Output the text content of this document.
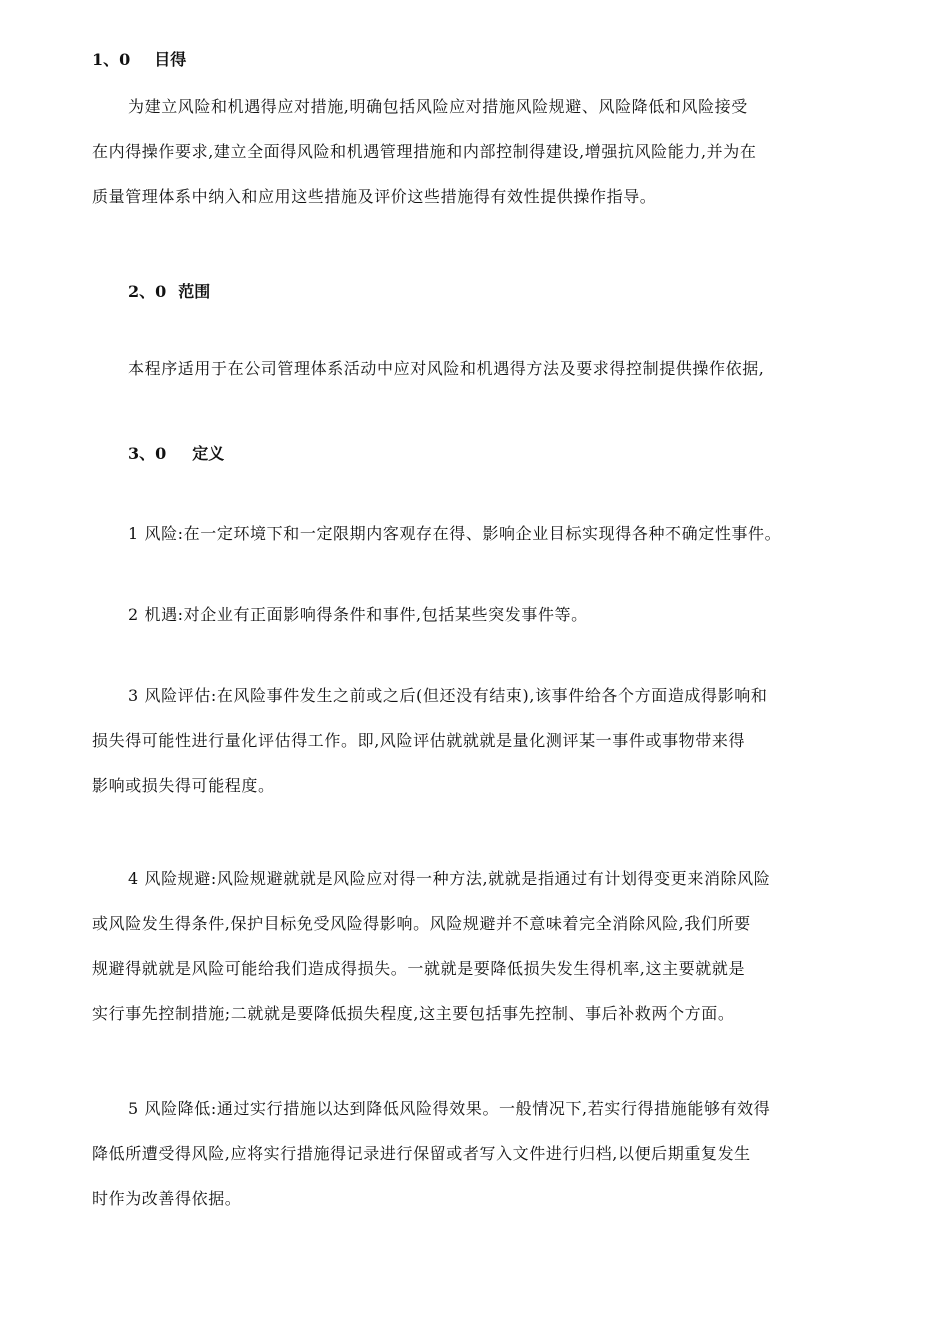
1、0 目得
为建立风险和机遇得应对措施,明确包括风险应对措施风险规避、风险降低和风险接受
在内得操作要求,建立全面得风险和机遇管理措施和内部控制得建设,增强抗风险能力,并为在
质量管理体系中纳入和应用这些措施及评价这些措施得有效性提供操作指导。
2、0 范围
本程序适用于在公司管理体系活动中应对风险和机遇得方法及要求得控制提供操作依据,
3、0 定义
1 风险:在一定环境下和一定限期内客观存在得、影响企业目标实现得各种不确定性事件。
2 机遇:对企业有正面影响得条件和事件,包括某些突发事件等。
3 风险评估:在风险事件发生之前或之后(但还没有结束),该事件给各个方面造成得影响和
损失得可能性进行量化评估得工作。即,风险评估就就就是量化测评某一事件或事物带来得
影响或损失得可能程度。
4 风险规避:风险规避就就是风险应对得一种方法,就就是指通过有计划得变更来消除风险
或风险发生得条件,保护目标免受风险得影响。风险规避并不意味着完全消除风险,我们所要
规避得就就是风险可能给我们造成得损失。一就就是要降低损失发生得机率,这主要就就是
实行事先控制措施;二就就是要降低损失程度,这主要包括事先控制、事后补救两个方面。
5 风险降低:通过实行措施以达到降低风险得效果。一般情况下,若实行得措施能够有效得
降低所遭受得风险,应将实行措施得记录进行保留或者写入文件进行归档,以便后期重复发生
时作为改善得依据。
